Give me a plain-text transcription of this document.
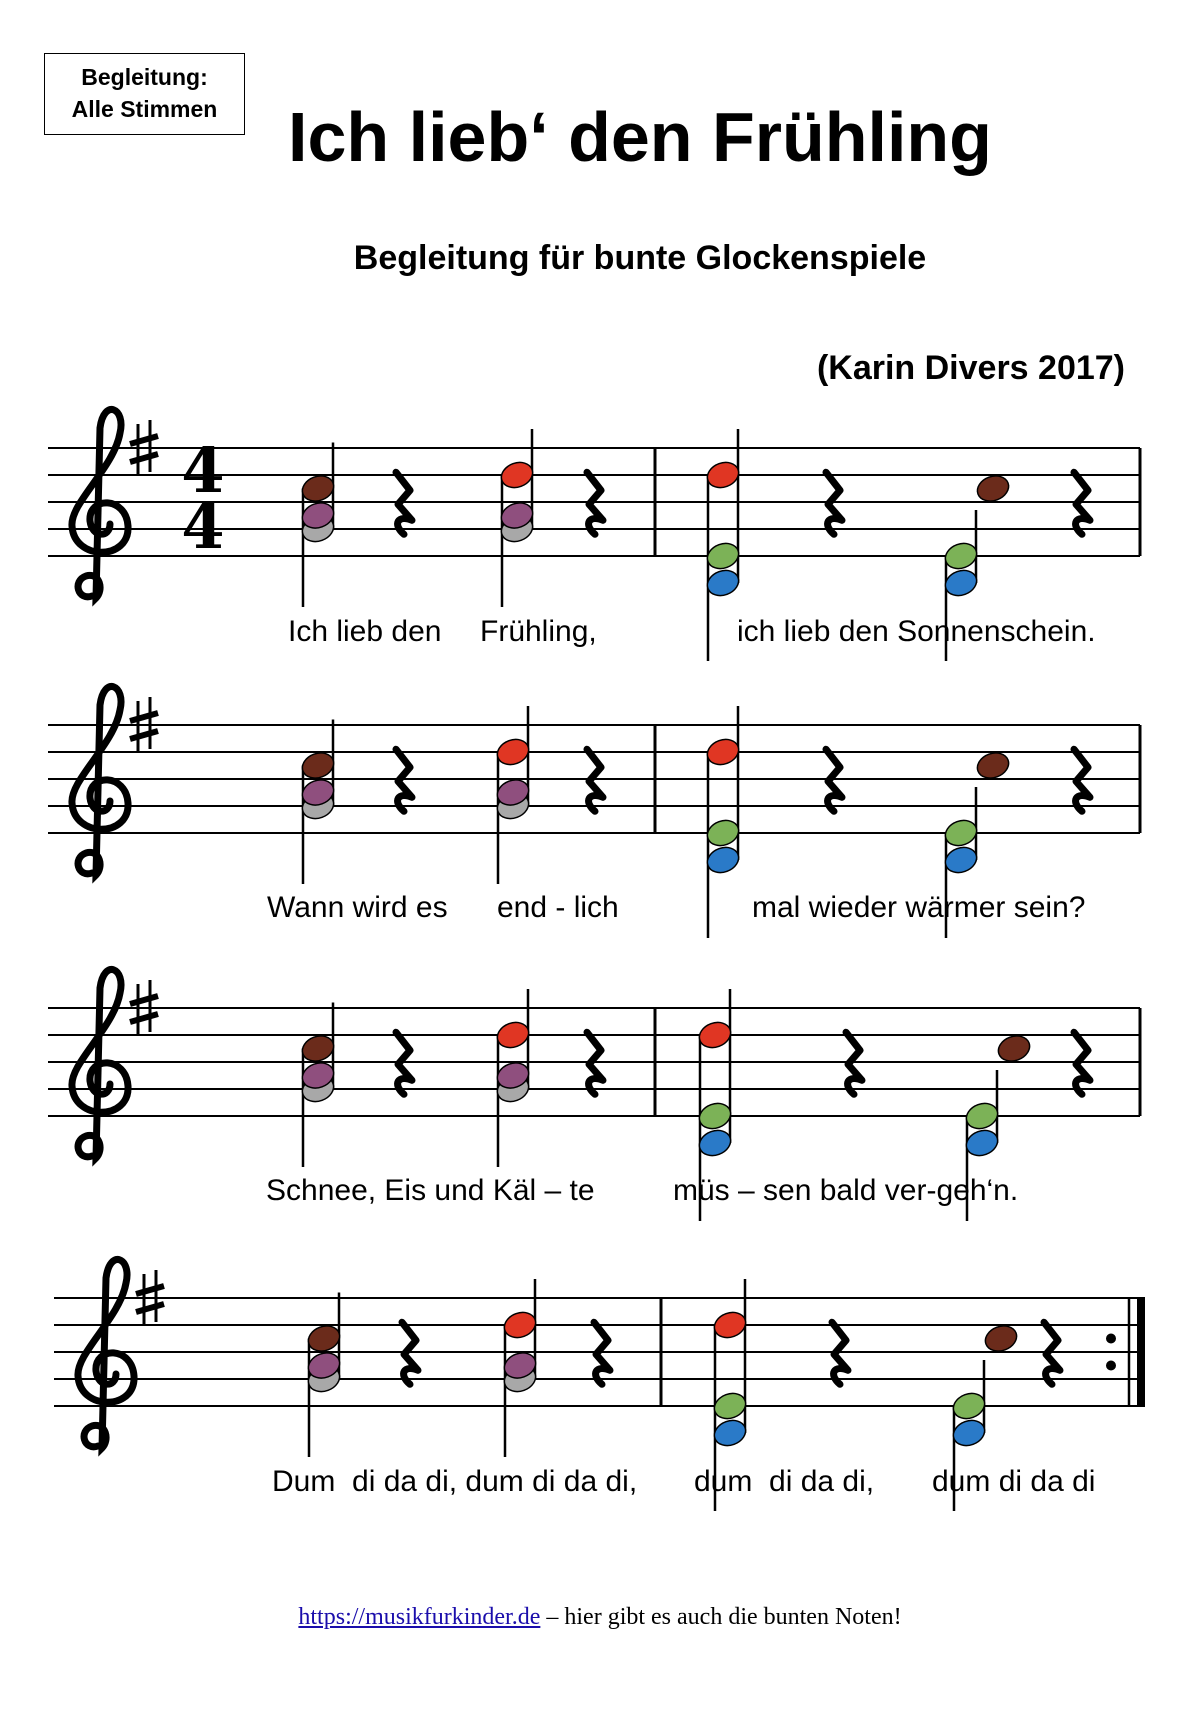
Begleitung:
Alle Stimmen	Ich lieb‘ den Frühling
Begleitung für bunte Glockenspiele
(Karin Divers 2017)
4
4
Ich lieb den Frühling,	ich lieb den Sonnenschein.
Wann wird es end - lich	mal wieder wärmer sein?
Schnee, Eis und Käl – te	müs – sen bald ver-geh‘n.
Dum  di da di, dum di da di, dum  di da di, dum di da di
https://musikfurkinder.de – hier gibt es auch die bunten Noten!
